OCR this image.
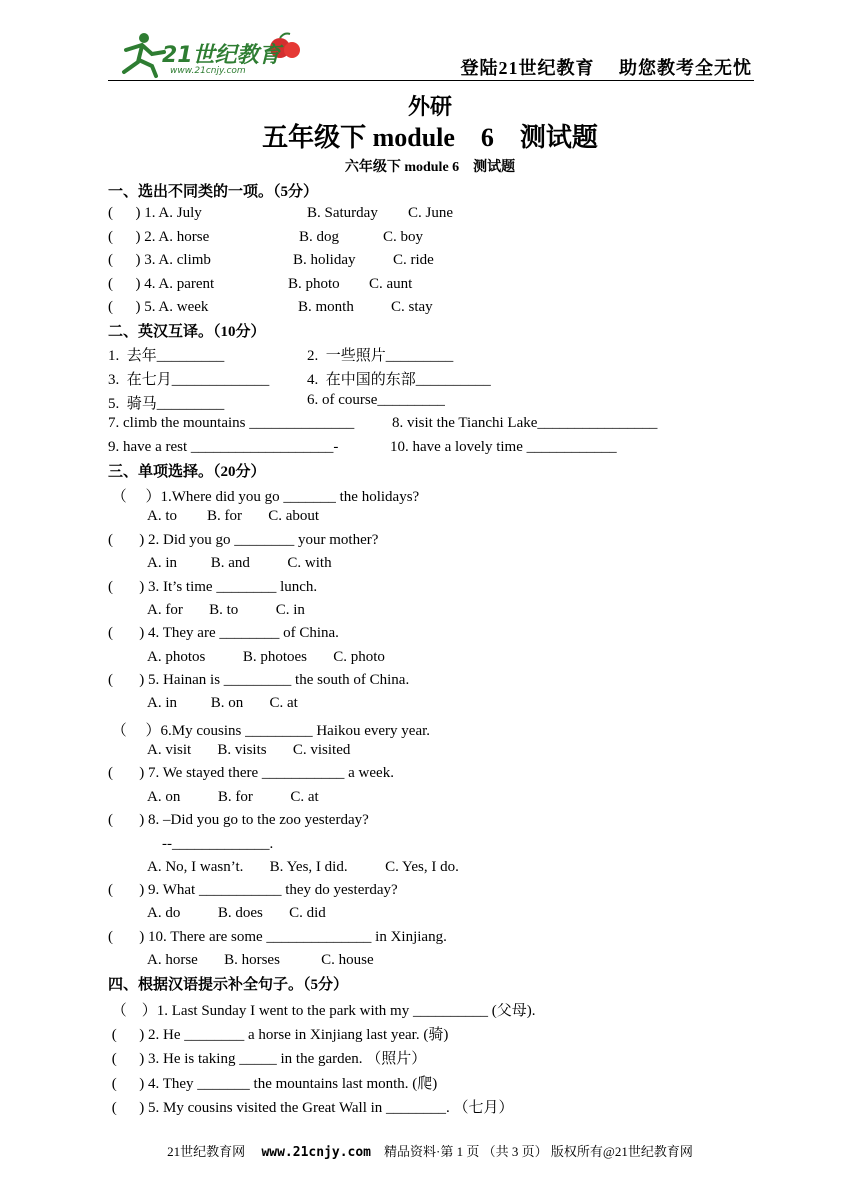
21世纪教育
www.21cnjy.com	登陆21世纪教育　 助您教考全无忧
外研
五年级下 module　6　测试题
六年级下 module 6　测试题
一、选出不同类的一项。（5分）
(      ) 1. A. July	B. Saturday C. June
(      ) 2. A. horse	B. dog	C. boy
(      ) 3. A. climb	B. holiday	C. ride
(      ) 4. A. parent	B. photo C. aunt
(      ) 5. A. week	B. month C. stay
二、英汉互译。（10分）
1.  去年_________	2.  一些照片_________
3.  在七月_____________	4.  在中国的东部__________
5.  骑马_________	6. of course_________
7. climb the mountains ______________	8. visit the Tianchi Lake________________
9. have a rest ___________________-	10. have a lovely time ____________
三、单项选择。（20分）
（     ）1.Where did you go _______ the holidays?
A. to        B. for       C. about
(       ) 2. Did you go ________ your mother?
A. in         B. and          C. with
(       ) 3. It’s time ________ lunch.
A. for       B. to          C. in
(       ) 4. They are ________ of China.
A. photos          B. photoes       C. photo
(       ) 5. Hainan is _________ the south of China.
A. in         B. on       C. at
（     ）6.My cousins _________ Haikou every year.
A. visit       B. visits       C. visited
(       ) 7. We stayed there ___________ a week.
A. on          B. for          C. at
(       ) 8. –Did you go to the zoo yesterday?
--_____________.
A. No, I wasn’t.       B. Yes, I did.          C. Yes, I do.
(       ) 9. What ___________ they do yesterday?
A. do          B. does       C. did
(       ) 10. There are some ______________ in Xinjiang.
A. horse       B. horses           C. house
四、根据汉语提示补全句子。（5分）
（    ）1. Last Sunday I went to the park with my __________ (父母).
(      ) 2. He ________ a horse in Xinjiang last year. (骑)
(      ) 3. He is taking _____ in the garden. （照片）
(      ) 4. They _______ the mountains last month. (爬)
(      ) 5. My cousins visited the Great Wall in ________. （七月）
21世纪教育网 www.21cnjy.com 精品资料·第 1 页 （共 3 页） 版权所有@21世纪教育网
